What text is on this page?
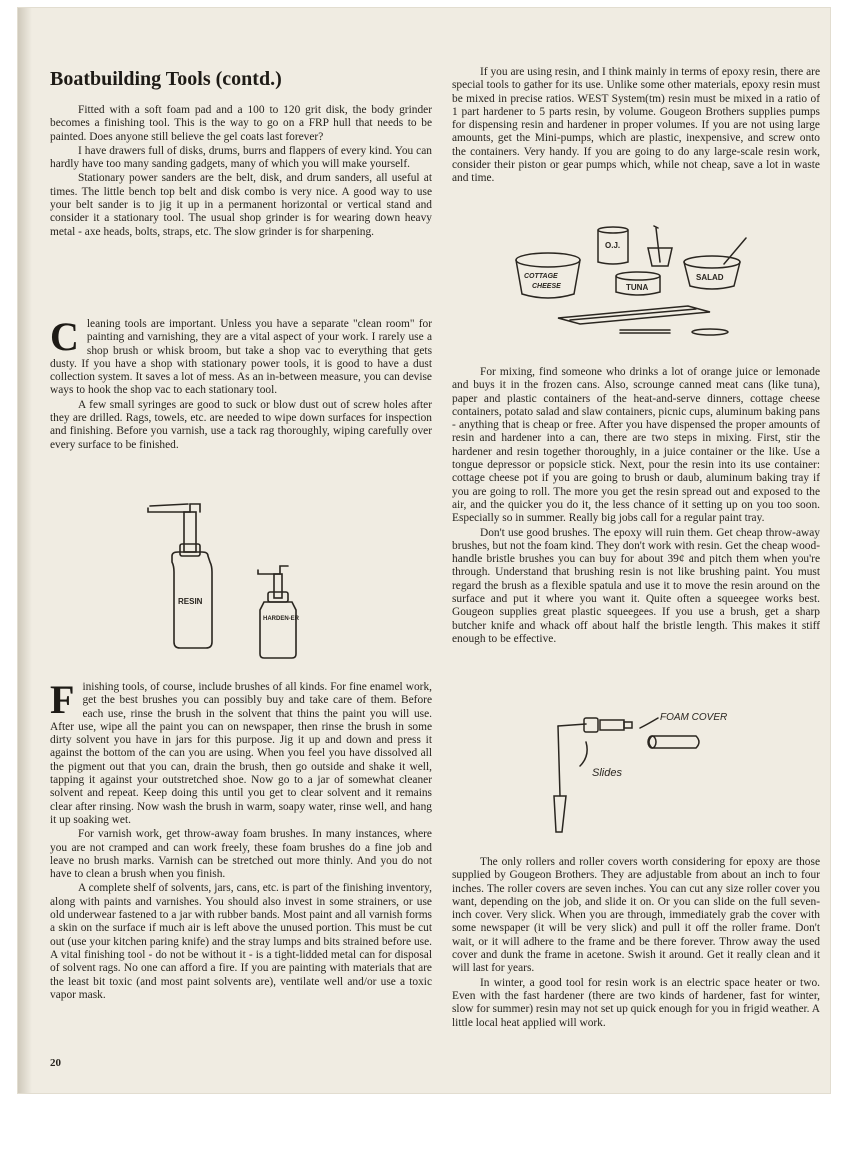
Boatbuilding Tools (contd.)

Fitted with a soft foam pad and a 100 to 120 grit disk, the body grinder becomes a finishing tool. This is the way to go on a FRP hull that needs to be painted. Does anyone still believe the gel coats last forever?

I have drawers full of disks, drums, burrs and flappers of every kind. You can hardly have too many sanding gadgets, many of which you will make yourself.

Stationary power sanders are the belt, disk, and drum sanders, all useful at times. The little bench top belt and disk combo is very nice. A good way to use your belt sander is to jig it up in a permanent horizontal or vertical stand and consider it a stationary tool. The usual shop grinder is for wearing down heavy metal - axe heads, bolts, straps, etc. The slow grinder is for sharpening.

Cleaning tools are important. Unless you have a separate "clean room" for painting and varnishing, they are a vital aspect of your work. I rarely use a shop brush or whisk broom, but take a shop vac to everything that gets dusty. If you have a shop with stationary power tools, it is good to have a dust collection system. It saves a lot of mess. As an in-between measure, you can devise ways to hook the shop vac to each stationary tool.

A few small syringes are good to suck or blow dust out of screw holes after they are drilled. Rags, towels, etc. are needed to wipe down surfaces for inspection and finishing. Before you varnish, use a tack rag thoroughly, wiping carefully over every surface to be finished.

RESIN
HARDEN-ER

Finishing tools, of course, include brushes of all kinds. For fine enamel work, get the best brushes you can possibly buy and take care of them. Before each use, rinse the brush in the solvent that thins the paint you will use. After use, wipe all the paint you can on newspaper, then rinse the brush in some dirty solvent you have in jars for this purpose. Jig it up and down and press it against the bottom of the can you are using. When you feel you have dissolved all the pigment out that you can, drain the brush, then go outside and shake it well, tapping it against your outstretched shoe. Now go to a jar of somewhat cleaner solvent and repeat. Keep doing this until you get to clear solvent and it remains clear after rinsing. Now wash the brush in warm, soapy water, rinse well, and hang it up soaking wet.

For varnish work, get throw-away foam brushes. In many instances, where you are not cramped and can work freely, these foam brushes do a fine job and leave no brush marks. Varnish can be stretched out more thinly. And you do not have to clean a brush when you finish.

A complete shelf of solvents, jars, cans, etc. is part of the finishing inventory, along with paints and varnishes. You should also invest in some strainers, or use old underwear fastened to a jar with rubber bands. Most paint and all varnish forms a skin on the surface if much air is left above the unused portion. This must be cut out (use your kitchen paring knife) and the stray lumps and bits strained before use. A vital finishing tool - do not be without it - is a tight-lidded metal can for disposal of solvent rags. No one can afford a fire. If you are painting with materials that are the least bit toxic (and most paint solvents are), ventilate well and/or use a toxic vapor mask.

20

If you are using resin, and I think mainly in terms of epoxy resin, there are special tools to gather for its use. Unlike some other materials, epoxy resin must be mixed in precise ratios. WEST System(tm) resin must be mixed in a ratio of 1 part hardener to 5 parts resin, by volume. Gougeon Brothers supplies pumps for dispensing resin and hardener in proper volumes. If you are not using large amounts, get the Mini-pumps, which are plastic, inexpensive, and screw onto the containers. Very handy. If you are going to do any large-scale resin work, consider their piston or gear pumps which, while not cheap, save a lot in waste and time.

COTTAGE
CHEESE
O.J.
TUNA
SALAD

For mixing, find someone who drinks a lot of orange juice or lemonade and buys it in the frozen cans. Also, scrounge canned meat cans (like tuna), paper and plastic containers of the heat-and-serve dinners, cottage cheese containers, potato salad and slaw containers, picnic cups, aluminum baking pans - anything that is cheap or free. After you have dispensed the proper amounts of resin and hardener into a can, there are two steps in mixing. First, stir the hardener and resin together thoroughly, in a juice container or the like. Use a tongue depressor or popsicle stick. Next, pour the resin into its use container: cottage cheese pot if you are going to brush or daub, aluminum baking tray if you are going to roll. The more you get the resin spread out and exposed to the air, and the quicker you do it, the less chance of it setting up on you too soon. Especially so in summer. Really big jobs call for a regular paint tray.

Don't use good brushes. The epoxy will ruin them. Get cheap throw-away brushes, but not the foam kind. They don't work with resin. Get the cheap wood-handle bristle brushes you can buy for about 39¢ and pitch them when you're through. Understand that brushing resin is not like brushing paint. You must regard the brush as a flexible spatula and use it to move the resin around on the surface and put it where you want it. Quite often a squeegee works best. Gougeon supplies great plastic squeegees. If you use a brush, get a sharp butcher knife and whack off about half the bristle length. This makes it stiff enough to be effective.

FOAM COVER
Slides

The only rollers and roller covers worth considering for epoxy are those supplied by Gougeon Brothers. They are adjustable from about an inch to four inches. The roller covers are seven inches. You can cut any size roller cover you want, depending on the job, and slide it on. Or you can slide on the full seven-inch cover. Very slick. When you are through, immediately grab the cover with some newspaper (it will be very slick) and pull it off the roller frame. Don't wait, or it will adhere to the frame and be there forever. Throw away the used cover and dunk the frame in acetone. Swish it around. Get it really clean and it will last for years.

In winter, a good tool for resin work is an electric space heater or two. Even with the fast hardener (there are two kinds of hardener, fast for winter, slow for summer) resin may not set up quick enough for you in frigid weather. A little local heat applied will work.
